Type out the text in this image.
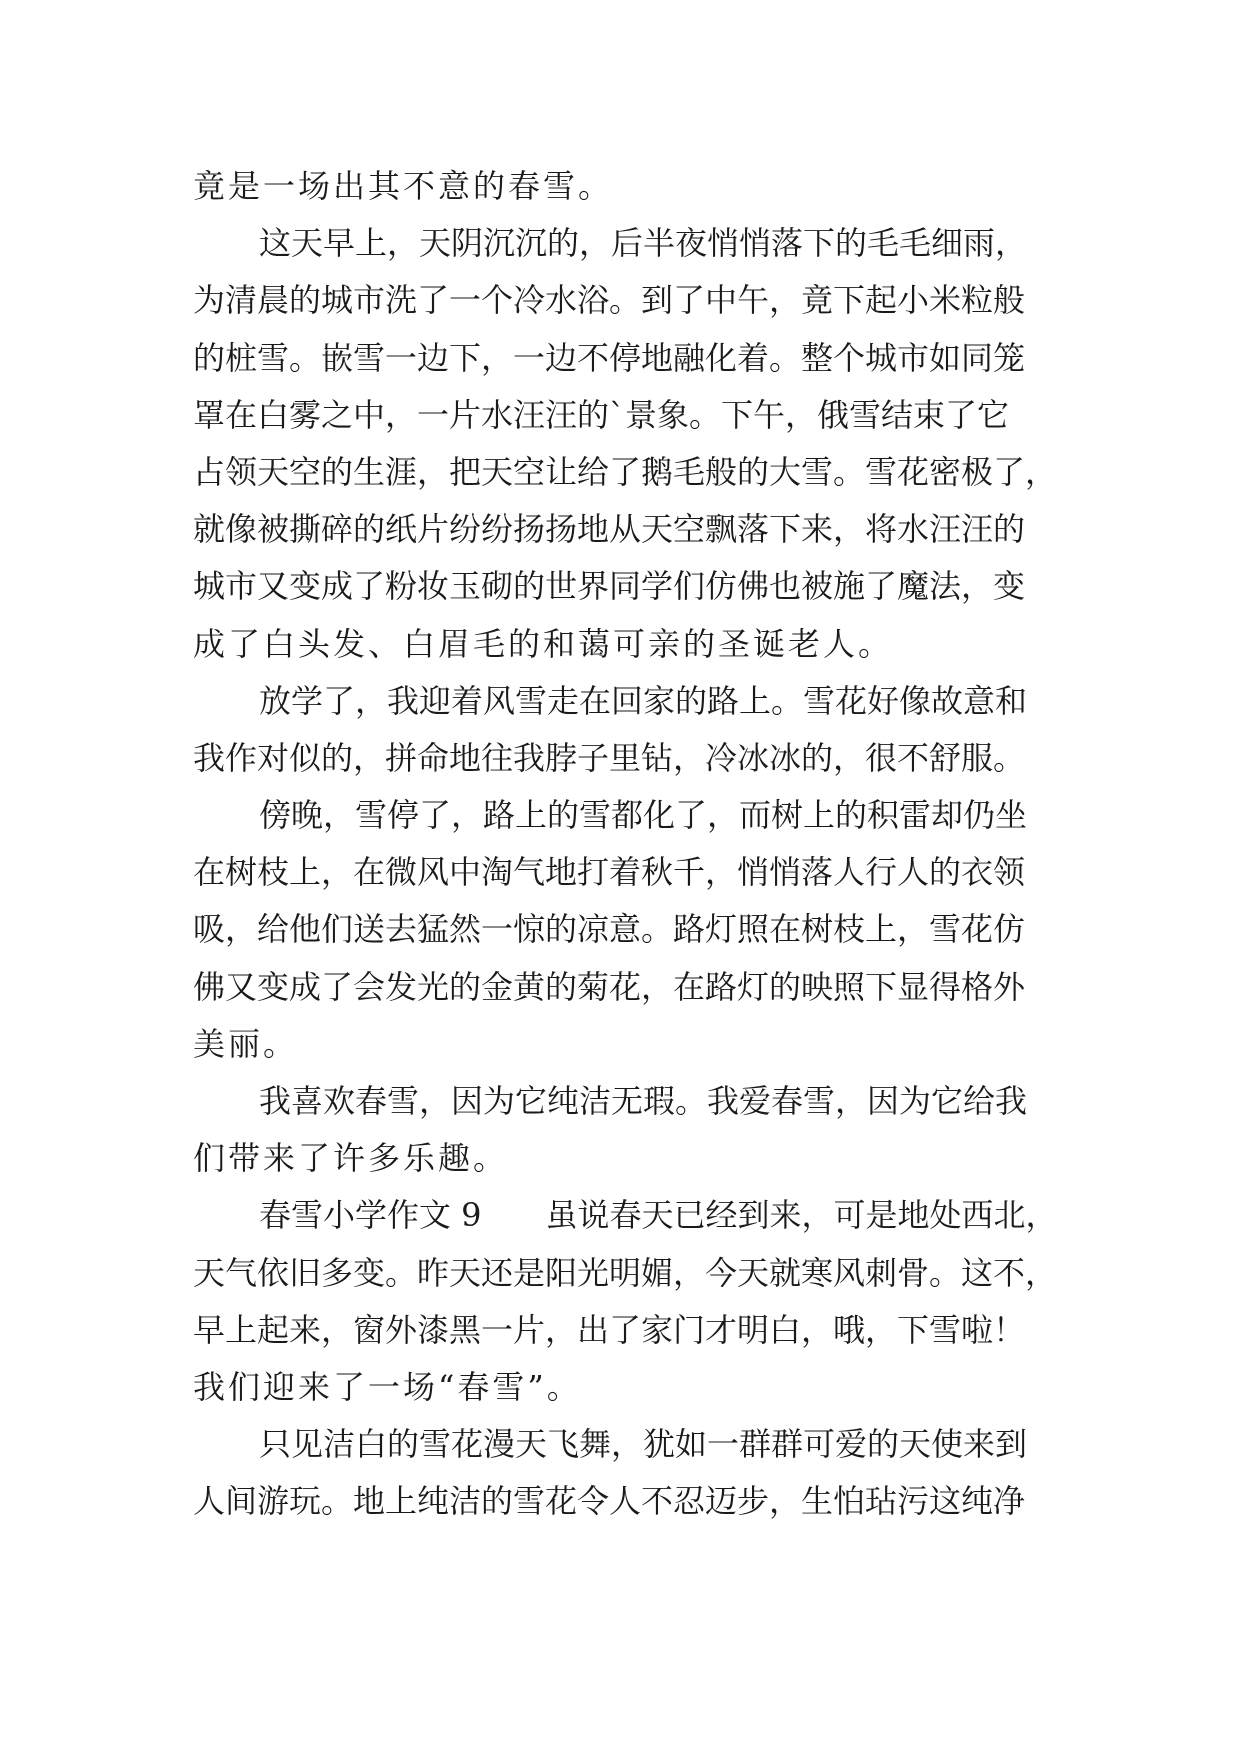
竟是一场出其不意的春雪。
这天早上，天阴沉沉的，后半夜悄悄落下的毛毛细雨，
为清晨的城市洗了一个冷水浴。到了中午，竟下起小米粒般
的桩雪。嵌雪一边下，一边不停地融化着。整个城市如同笼
罩在白雾之中，一片水汪汪的`景象。下午，俄雪结束了它
占领天空的生涯，把天空让给了鹅毛般的大雪。雪花密极了，
就像被撕碎的纸片纷纷扬扬地从天空飘落下来，将水汪汪的
城市又变成了粉妆玉砌的世界同学们仿佛也被施了魔法，变
成了白头发、白眉毛的和蔼可亲的圣诞老人。
放学了，我迎着风雪走在回家的路上。雪花好像故意和
我作对似的，拼命地往我脖子里钻，冷冰冰的，很不舒服。
傍晚，雪停了，路上的雪都化了，而树上的积雷却仍坐
在树枝上，在微风中淘气地打着秋千，悄悄落人行人的衣领
吸，给他们送去猛然一惊的凉意。路灯照在树枝上，雪花仿
佛又变成了会发光的金黄的菊花，在路灯的映照下显得格外
美丽。
我喜欢春雪，因为它纯洁无瑕。我爱春雪，因为它给我
们带来了许多乐趣。
春雪小学作文 9　　虽说春天已经到来，可是地处西北，
天气依旧多变。昨天还是阳光明媚，今天就寒风刺骨。这不，
早上起来，窗外漆黑一片，出了家门才明白，哦，下雪啦！
我们迎来了一场“春雪”。
只见洁白的雪花漫天飞舞，犹如一群群可爱的天使来到
人间游玩。地上纯洁的雪花令人不忍迈步，生怕玷污这纯净
